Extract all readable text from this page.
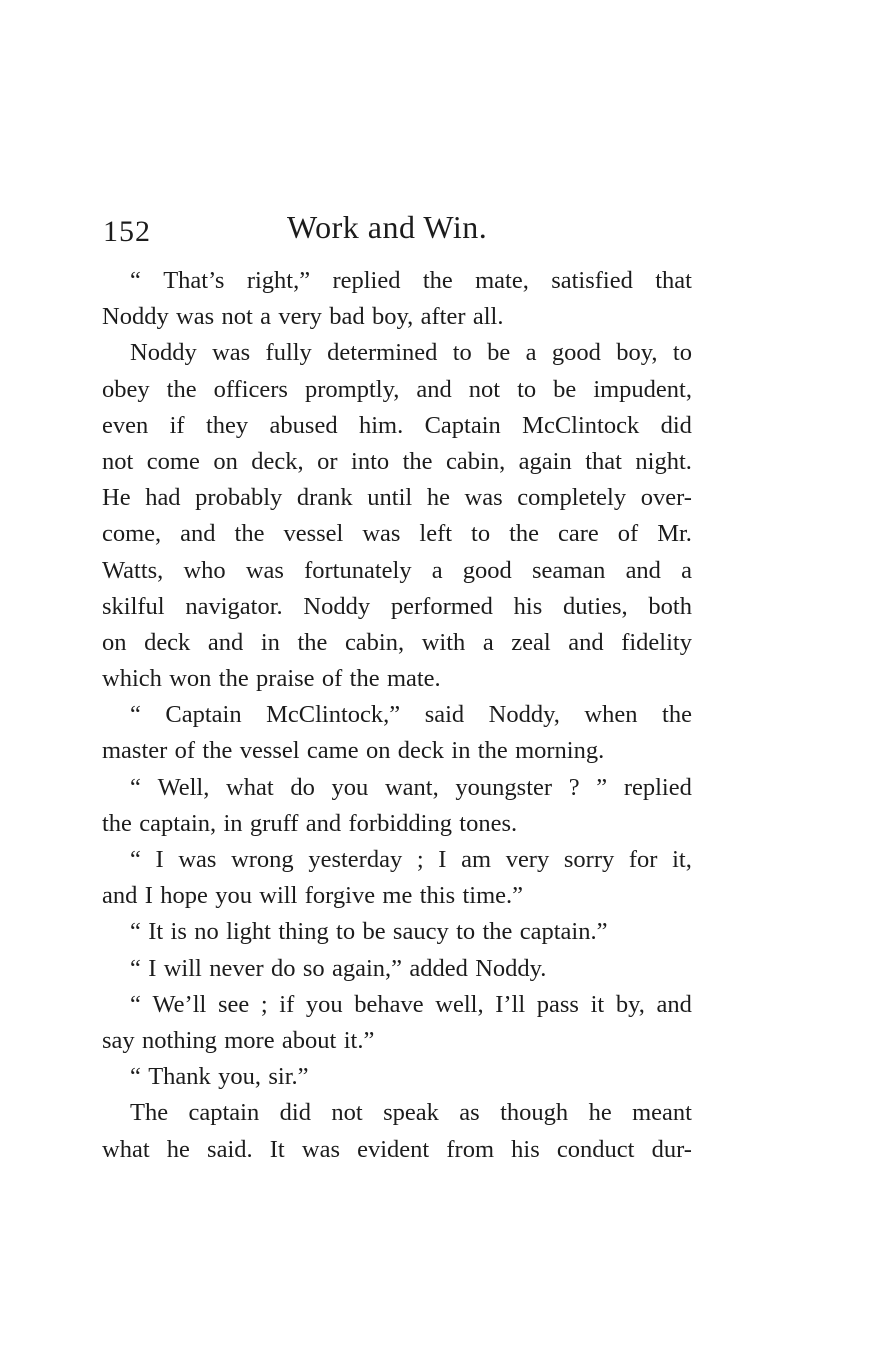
152	Work and Win.
“ That’s right,” replied the mate, satisfied that
Noddy was not a very bad boy, after all.
Noddy was fully determined to be a good boy, to
obey the officers promptly, and not to be impudent,
even if they abused him. Captain McClintock did
not come on deck, or into the cabin, again that night.
He had probably drank until he was completely over-
come, and the vessel was left to the care of Mr.
Watts, who was fortunately a good seaman and a
skilful navigator. Noddy performed his duties, both
on deck and in the cabin, with a zeal and fidelity
which won the praise of the mate.
“ Captain McClintock,” said Noddy, when the
master of the vessel came on deck in the morning.
“ Well, what do you want, youngster ? ” replied
the captain, in gruff and forbidding tones.
“ I was wrong yesterday ; I am very sorry for it,
and I hope you will forgive me this time.”
“ It is no light thing to be saucy to the captain.”
“ I will never do so again,” added Noddy.
“ We’ll see ; if you behave well, I’ll pass it by, and
say nothing more about it.”
“ Thank you, sir.”
The captain did not speak as though he meant
what he said. It was evident from his conduct dur-
